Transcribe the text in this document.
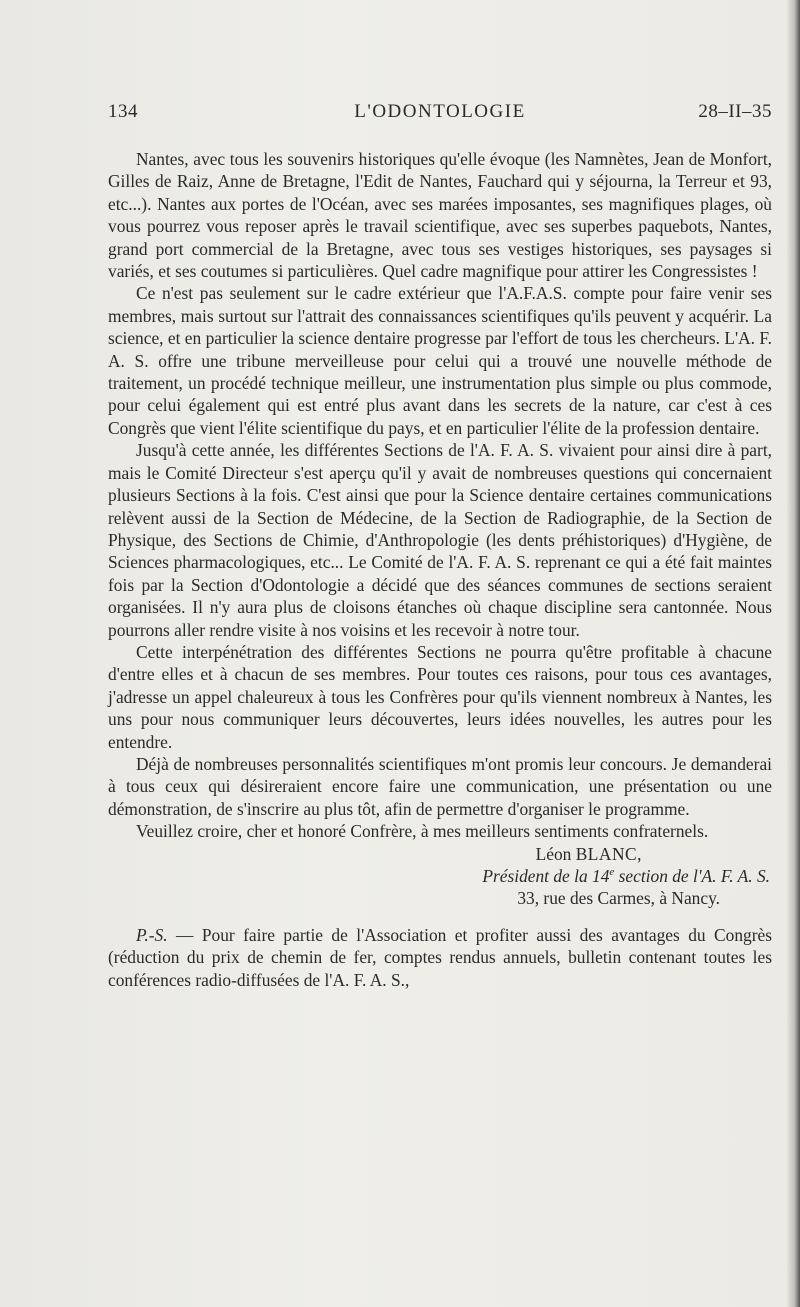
134	L'ODONTOLOGIE	28–II–35

Nantes, avec tous les souvenirs historiques qu'elle évoque (les Namnètes, Jean de Monfort, Gilles de Raiz, Anne de Bretagne, l'Edit de Nantes, Fauchard qui y séjourna, la Terreur et 93, etc...). Nantes aux portes de l'Océan, avec ses marées imposantes, ses magnifiques plages, où vous pourrez vous reposer après le travail scientifique, avec ses superbes paquebots, Nantes, grand port commercial de la Bretagne, avec tous ses vestiges historiques, ses paysages si variés, et ses coutumes si particulières. Quel cadre magnifique pour attirer les Congressistes !

Ce n'est pas seulement sur le cadre extérieur que l'A.F.A.S. compte pour faire venir ses membres, mais surtout sur l'attrait des connaissances scientifiques qu'ils peuvent y acquérir. La science, et en particulier la science dentaire progresse par l'effort de tous les chercheurs. L'A. F. A. S. offre une tribune merveilleuse pour celui qui a trouvé une nouvelle méthode de traitement, un procédé technique meilleur, une instrumentation plus simple ou plus commode, pour celui également qui est entré plus avant dans les secrets de la nature, car c'est à ces Congrès que vient l'élite scientifique du pays, et en particulier l'élite de la profession dentaire.

Jusqu'à cette année, les différentes Sections de l'A. F. A. S. vivaient pour ainsi dire à part, mais le Comité Directeur s'est aperçu qu'il y avait de nombreuses questions qui concernaient plusieurs Sections à la fois. C'est ainsi que pour la Science dentaire certaines communications relèvent aussi de la Section de Médecine, de la Section de Radiographie, de la Section de Physique, des Sections de Chimie, d'Anthropologie (les dents préhistoriques) d'Hygiène, de Sciences pharmacologiques, etc... Le Comité de l'A. F. A. S. reprenant ce qui a été fait maintes fois par la Section d'Odontologie a décidé que des séances communes de sections seraient organisées. Il n'y aura plus de cloisons étanches où chaque discipline sera cantonnée. Nous pourrons aller rendre visite à nos voisins et les recevoir à notre tour.

Cette interpénétration des différentes Sections ne pourra qu'être profitable à chacune d'entre elles et à chacun de ses membres. Pour toutes ces raisons, pour tous ces avantages, j'adresse un appel chaleureux à tous les Confrères pour qu'ils viennent nombreux à Nantes, les uns pour nous communiquer leurs découvertes, leurs idées nouvelles, les autres pour les entendre.

Déjà de nombreuses personnalités scientifiques m'ont promis leur concours. Je demanderai à tous ceux qui désireraient encore faire une communication, une présentation ou une démonstration, de s'inscrire au plus tôt, afin de permettre d'organiser le programme.

Veuillez croire, cher et honoré Confrère, à mes meilleurs sentiments confraternels.

Léon BLANC,
Président de la 14e section de l'A. F. A. S.
33, rue des Carmes, à Nancy.

P.-S. — Pour faire partie de l'Association et profiter aussi des avantages du Congrès (réduction du prix de chemin de fer, comptes rendus annuels, bulletin contenant toutes les conférences radio-diffusées de l'A. F. A. S.,
